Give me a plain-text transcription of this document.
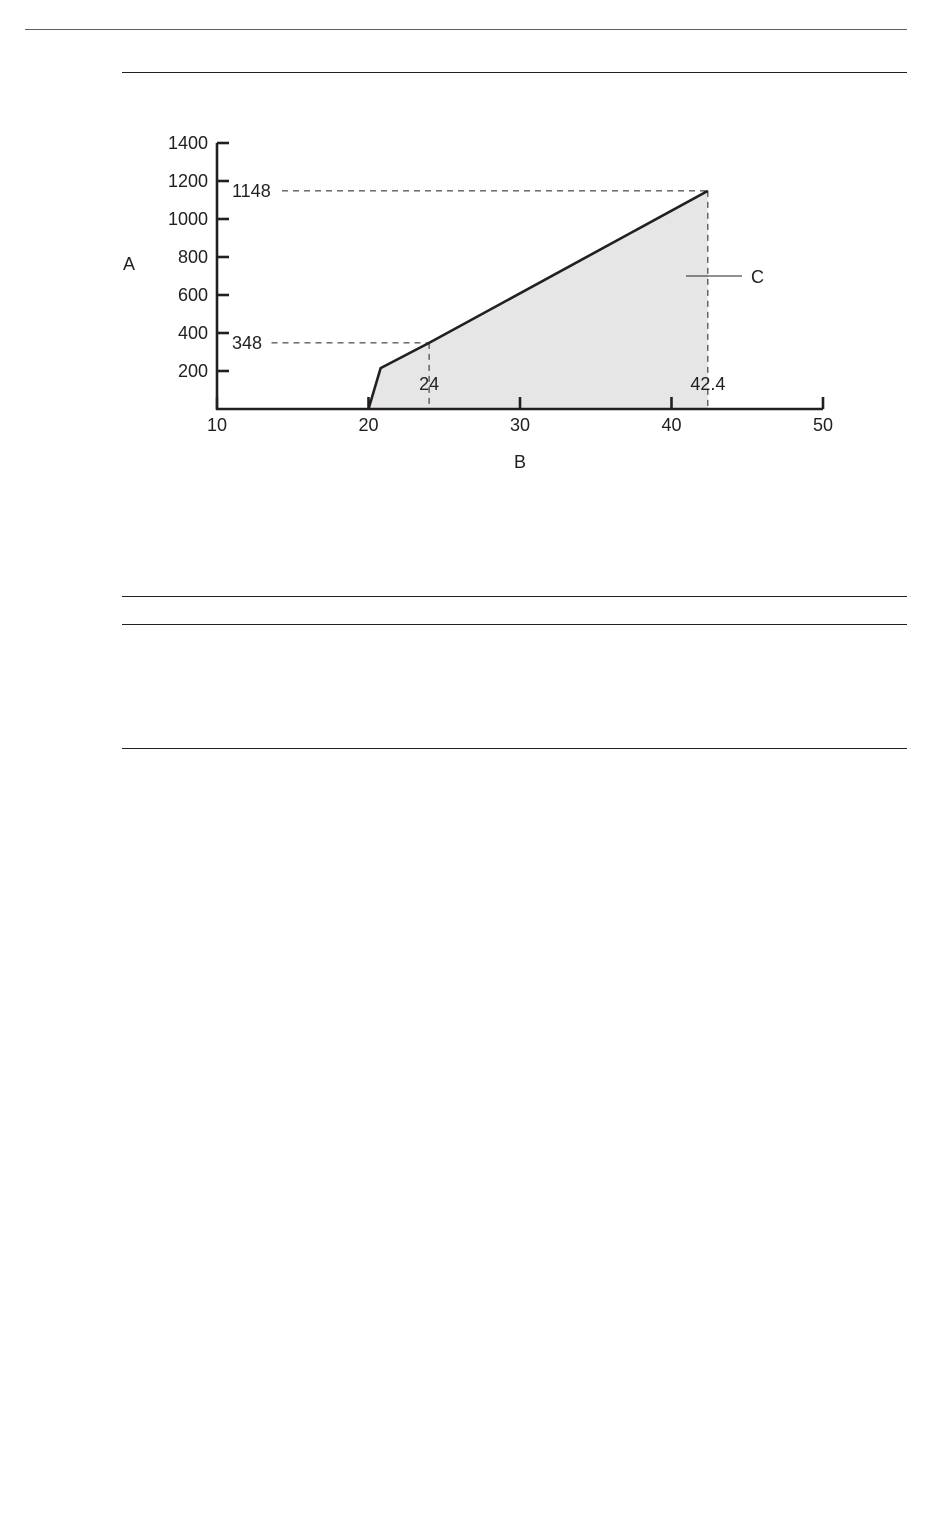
200
400
600
800
1000
1200
1400
10	20	30	40	50
A
B
C
348
24
1148
42.4
